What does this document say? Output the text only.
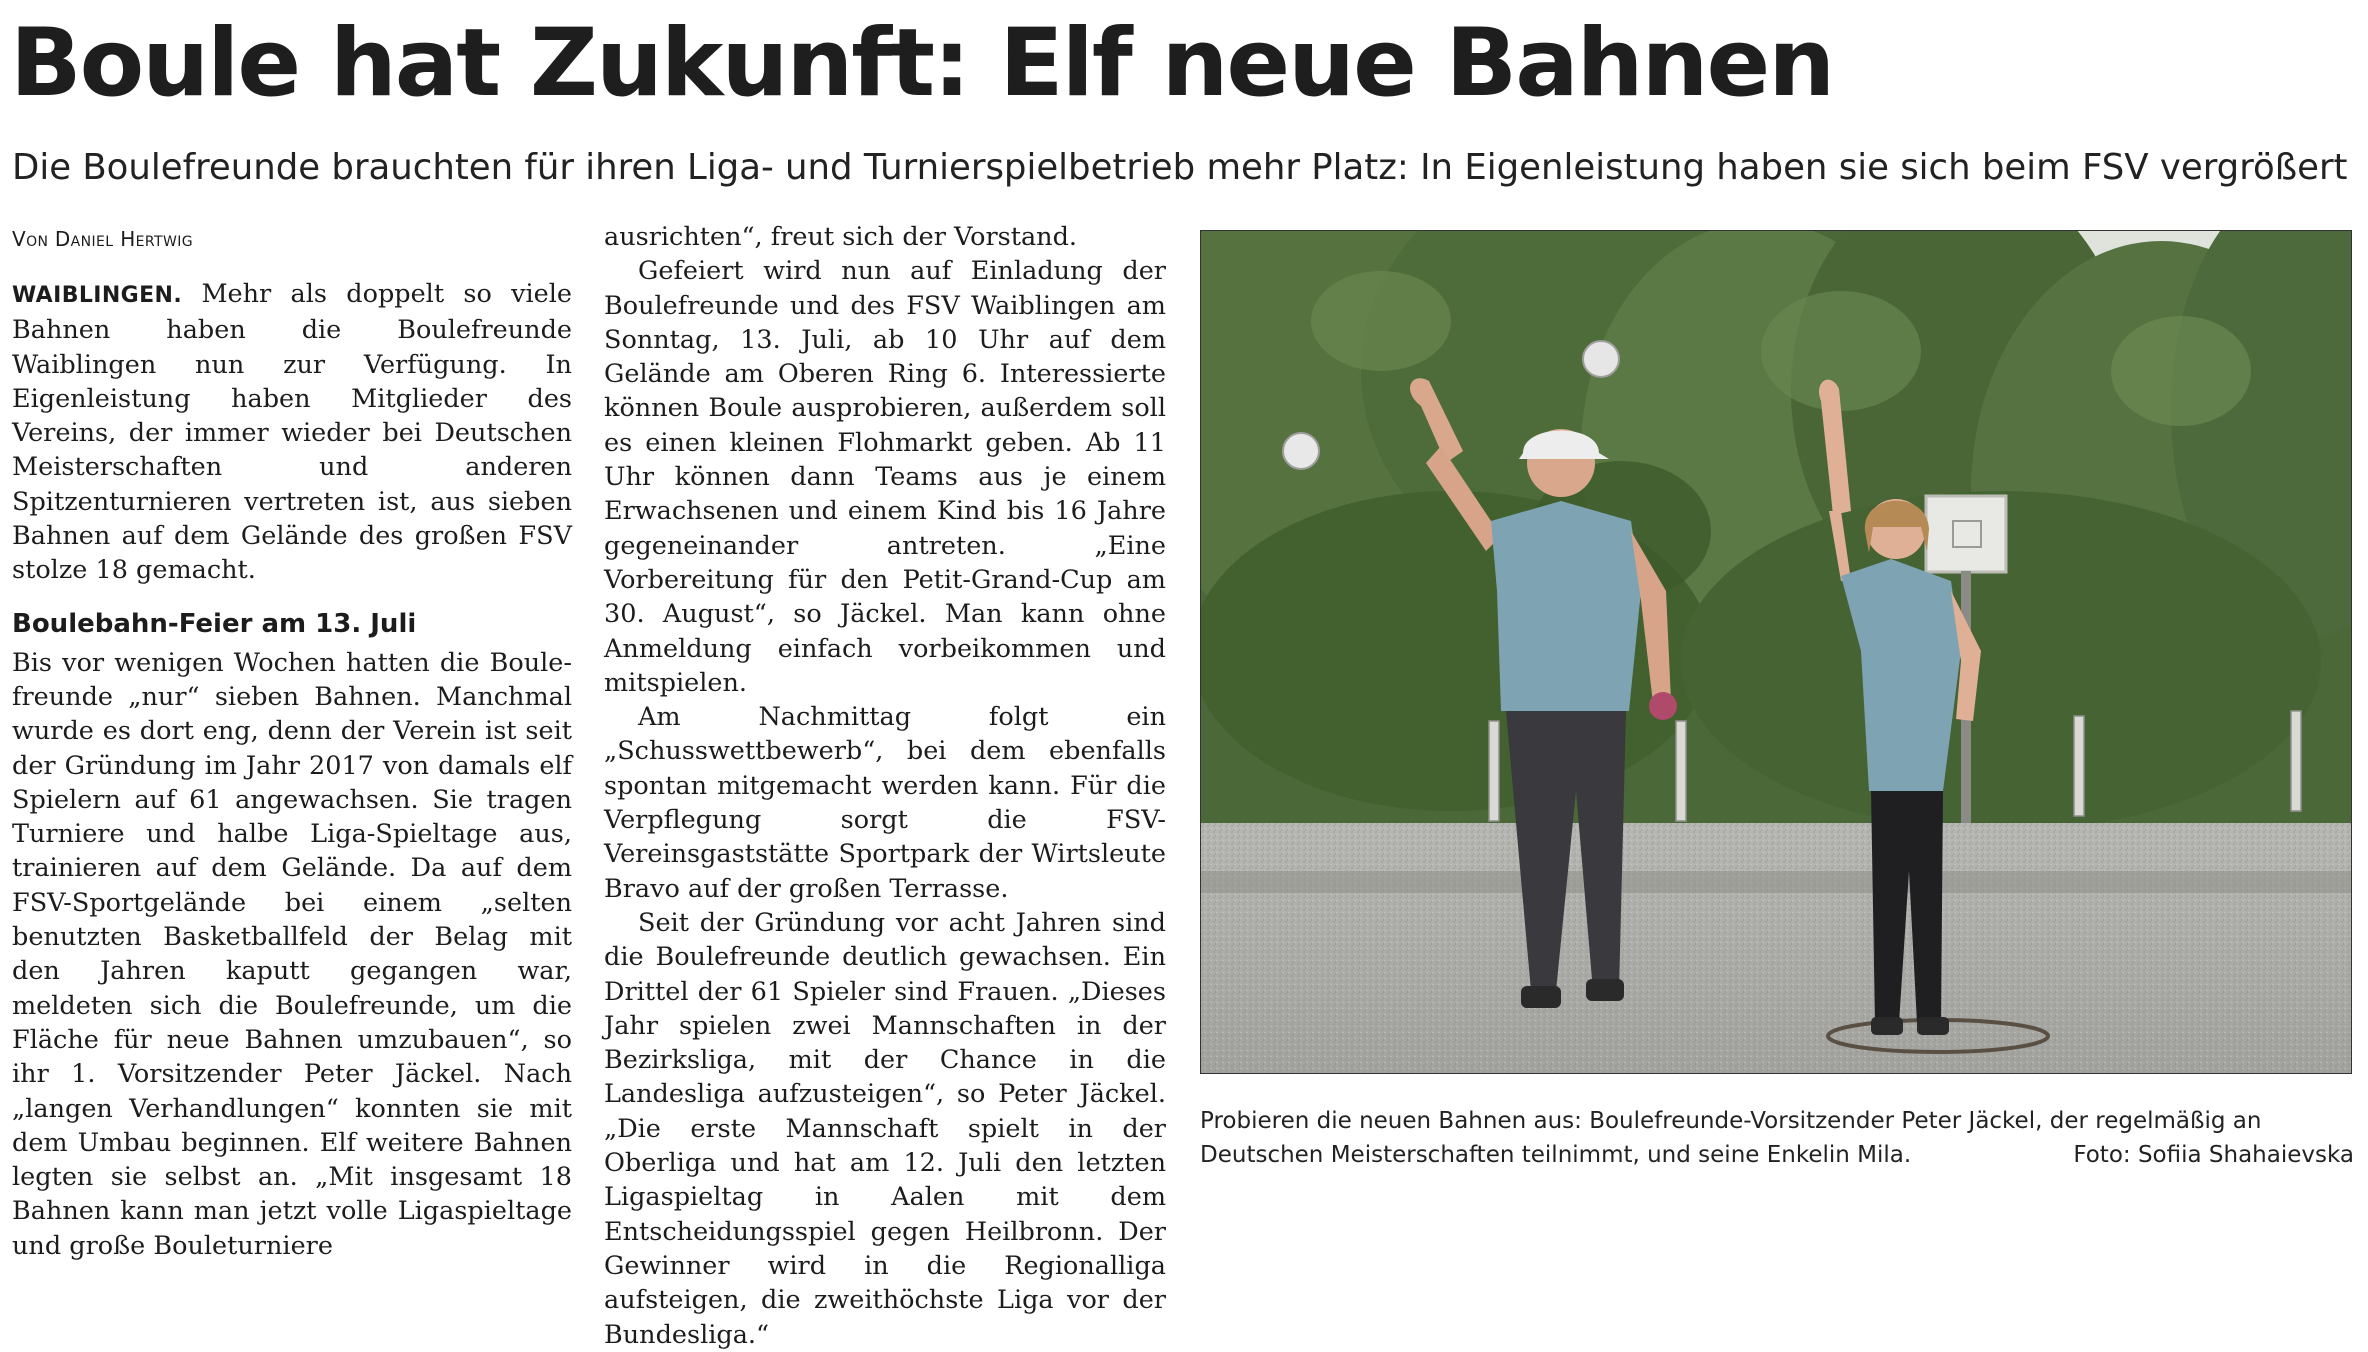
Boule hat Zukunft: Elf neue Bahnen
Die Boulefreunde brauchten für ihren Liga- und Turnierspielbetrieb mehr Platz: In Eigenleistung haben sie sich beim FSV vergrößert

Von Daniel Hertwig

WAIBLINGEN. Mehr als doppelt so viele Bahnen haben die Boulefreunde Waiblingen nun zur Verfügung. In Eigenleistung haben Mitglieder des Vereins, der immer wieder bei Deutschen Meisterschaften und anderen Spitzenturnieren vertreten ist, aus sieben Bahnen auf dem Gelände des großen FSV stolze 18 gemacht.

Boulebahn-Feier am 13. Juli

Bis vor wenigen Wochen hatten die Boulefreunde „nur“ sieben Bahnen. Manchmal wurde es dort eng, denn der Verein ist seit der Gründung im Jahr 2017 von damals elf Spielern auf 61 angewachsen. Sie tragen Turniere und halbe Liga-Spieltage aus, trainieren auf dem Gelände. Da auf dem FSV-Sportgelände bei einem „selten benutzten Basketballfeld der Belag mit den Jahren kaputt gegangen war, meldeten sich die Boulefreunde, um die Fläche für neue Bahnen umzubauen“, so ihr 1. Vorsitzender Peter Jäckel. Nach „langen Verhandlungen“ konnten sie mit dem Umbau beginnen. Elf weitere Bahnen legten sie selbst an. „Mit insgesamt 18 Bahnen kann man jetzt volle Ligaspieltage und große Bouleturniere

ausrichten“, freut sich der Vorstand.

Gefeiert wird nun auf Einladung der Boulefreunde und des FSV Waiblingen am Sonntag, 13. Juli, ab 10 Uhr auf dem Gelände am Oberen Ring 6. Interessierte können Boule ausprobieren, außerdem soll es einen kleinen Flohmarkt geben. Ab 11 Uhr können dann Teams aus je einem Erwachsenen und einem Kind bis 16 Jahre gegeneinander antreten. „Eine Vorbereitung für den Petit-Grand-Cup am 30. August“, so Jäckel. Man kann ohne Anmeldung einfach vorbeikommen und mitspielen.

Am Nachmittag folgt ein „Schusswettbewerb“, bei dem ebenfalls spontan mitgemacht werden kann. Für die Verpflegung sorgt die FSV-Vereinsgaststätte Sportpark der Wirtsleute Bravo auf der großen Terrasse.

Seit der Gründung vor acht Jahren sind die Boulefreunde deutlich gewachsen. Ein Drittel der 61 Spieler sind Frauen. „Dieses Jahr spielen zwei Mannschaften in der Bezirksliga, mit der Chance in die Landesliga aufzusteigen“, so Peter Jäckel. „Die erste Mannschaft spielt in der Oberliga und hat am 12. Juli den letzten Ligaspieltag in Aalen mit dem Entscheidungsspiel gegen Heilbronn. Der Gewinner wird in die Regionalliga aufsteigen, die zweithöchste Liga vor der Bundesliga.“

Probieren die neuen Bahnen aus: Boulefreunde-Vorsitzender Peter Jäckel, der regelmäßig an
Deutschen Meisterschaften teilnimmt, und seine Enkelin Mila.	Foto: Sofiia Shahaievska
